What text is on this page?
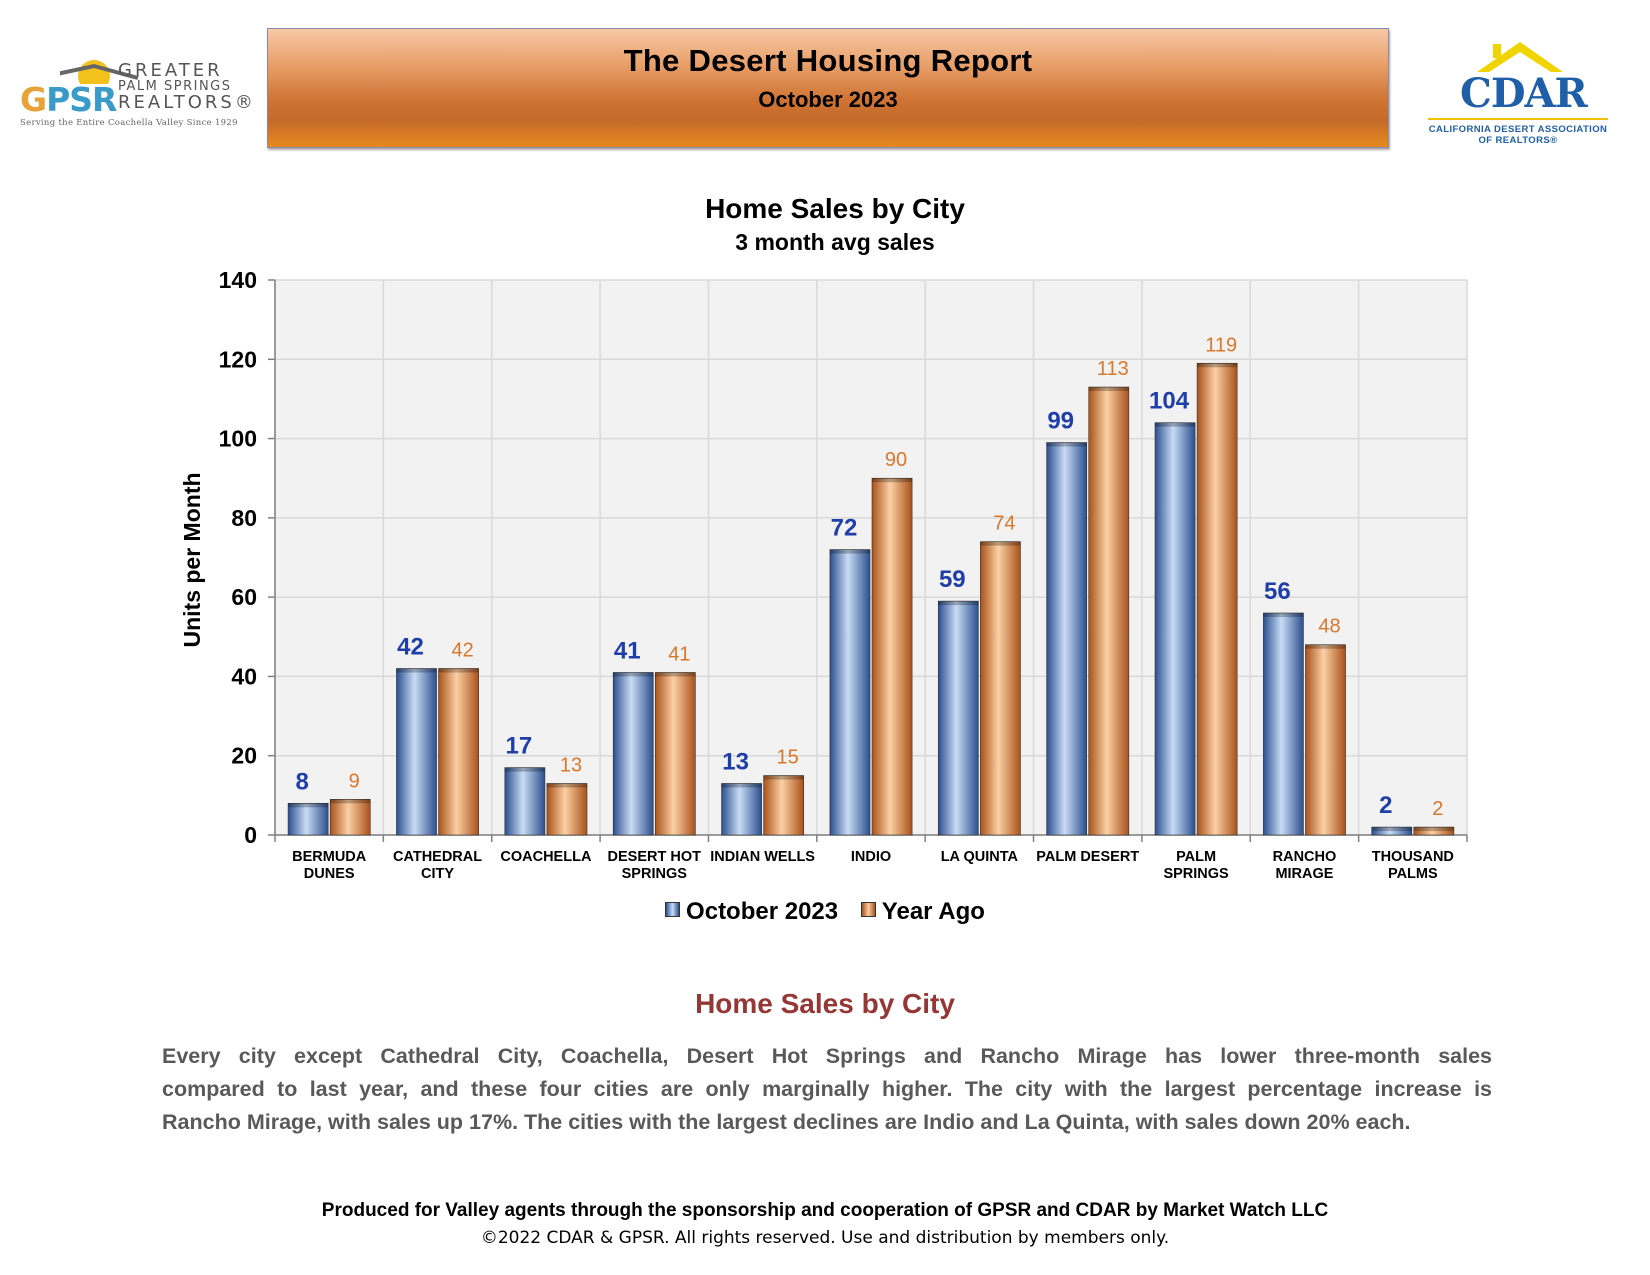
GPSR
GREATER
PALM SPRINGS
REALTORS®
Serving the Entire Coachella Valley Since 1929
The Desert Housing Report
October 2023	CDAR
CALIFORNIA DESERT ASSOCIATION
OF REALTORS®
Home Sales by City
3 month avg sales
Units per Month
0
20
40
60
80
100
120
140
8 9
BERMUDA
DUNES
42 42
CATHEDRAL
CITY
17
13
COACHELLA
41 41
DESERT HOT
SPRINGS
13 15
INDIAN WELLS
72
90
INDIO
59
74
LA QUINTA
99
113
PALM DESERT
104
119
PALM
SPRINGS
56
48
RANCHO
MIRAGE
2 2
THOUSAND
PALMS
October 2023 Year Ago
Home Sales by City
Every city except Cathedral City, Coachella, Desert Hot Springs and Rancho Mirage has lower three-month sales
compared to last year, and these four cities are only marginally higher. The city with the largest percentage increase is
Rancho Mirage, with sales up 17%. The cities with the largest declines are Indio and La Quinta, with sales down 20% each.
Produced for Valley agents through the sponsorship and cooperation of GPSR and CDAR by Market Watch LLC
©2022 CDAR & GPSR. All rights reserved. Use and distribution by members only.
